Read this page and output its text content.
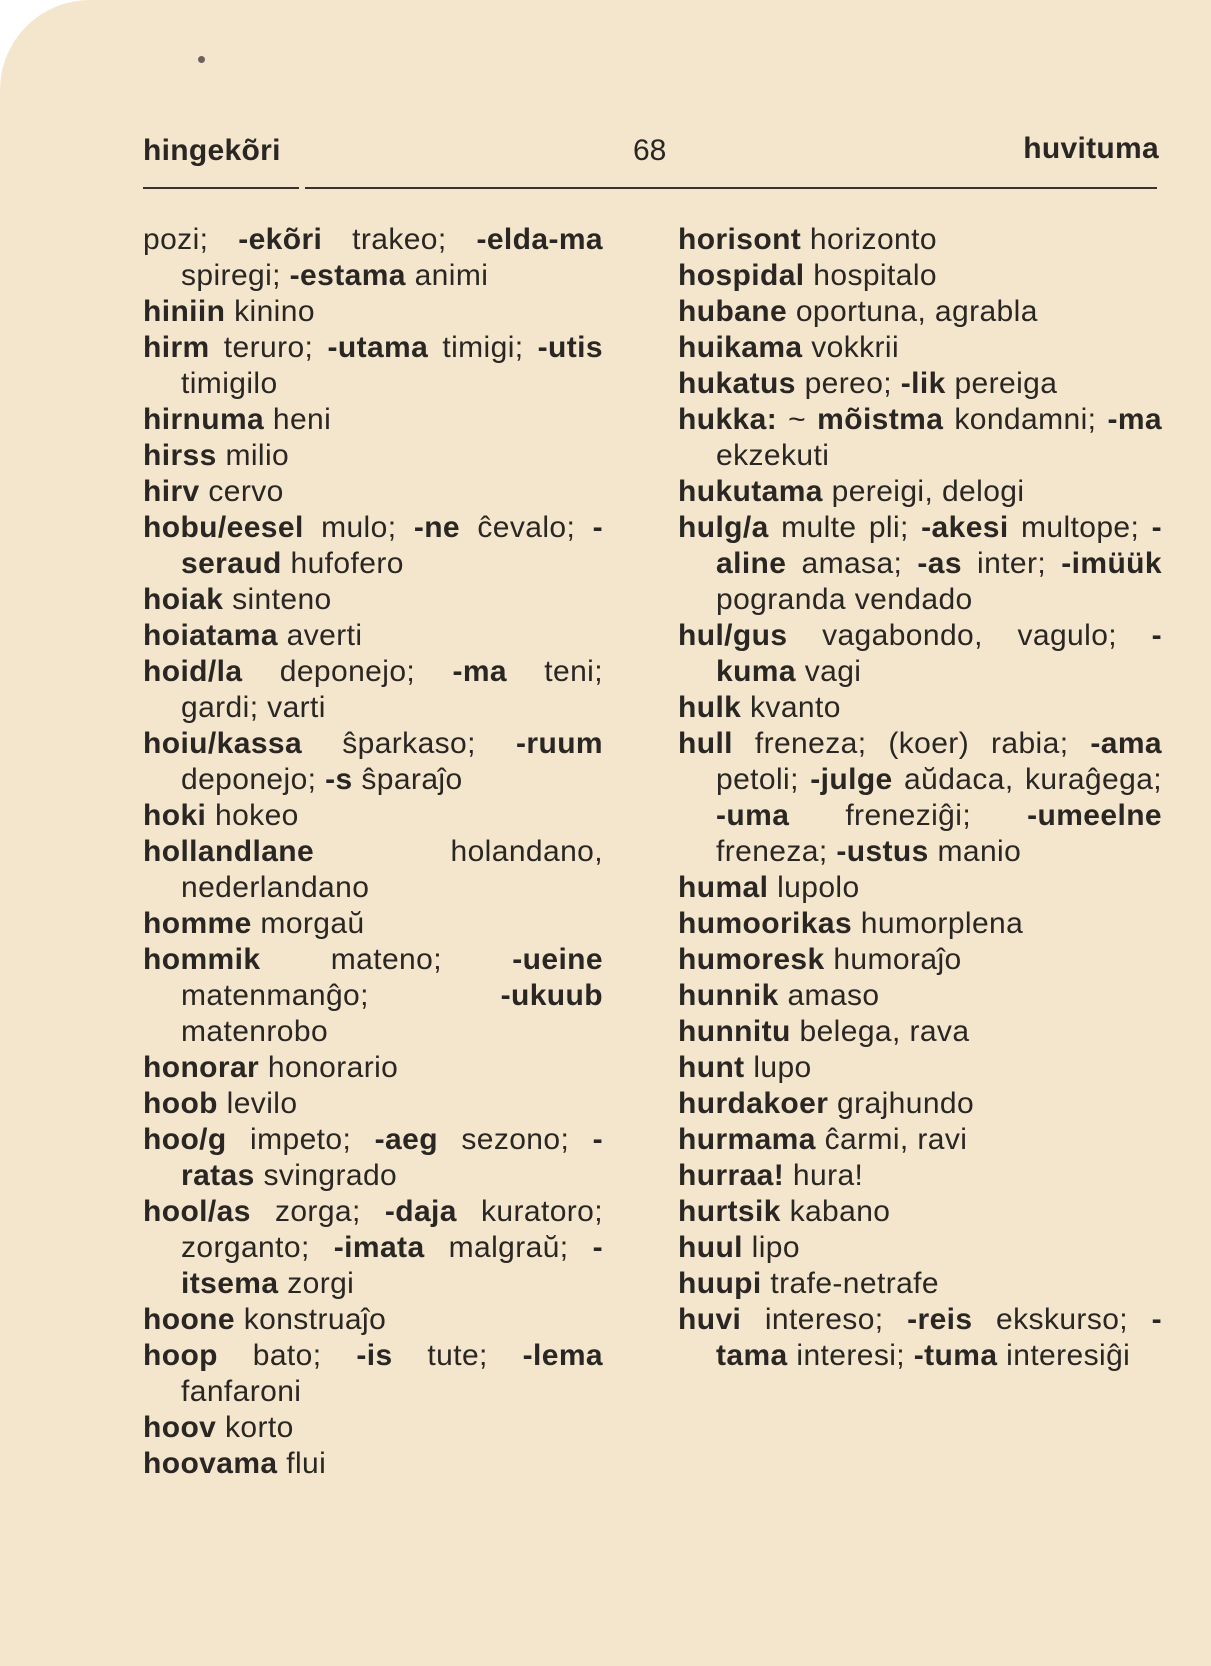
hingekõri	68	huvituma

pozi; -ekõri trakeo; -elda-ma spiregi; -estama animi

hiniin kinino

hirm teruro; -utama timigi; -utis timigilo

hirnuma heni

hirss milio

hirv cervo

hobu/eesel mulo; -ne ĉevalo; -seraud hufofero

hoiak sinteno

hoiatama averti

hoid/la deponejo; -ma teni; gardi; varti

hoiu/kassa ŝparkaso; -ruum deponejo; -s ŝparaĵo

hoki hokeo

hollandlane holandano, nederlandano

homme morgaŭ

hommik mateno; -ueine matenmanĝo; -ukuub matenrobo

honorar honorario

hoob levilo

hoo/g impeto; -aeg sezono; -ratas svingrado

hool/as zorga; -daja kuratoro; zorganto; -imata malgraŭ; -itsema zorgi

hoone konstruaĵo

hoop bato; -is tute; -lema fanfaroni

hoov korto

hoovama flui

horisont horizonto

hospidal hospitalo

hubane oportuna, agrabla

huikama vokkrii

hukatus pereo; -lik pereiga

hukka: ~ mõistma kondamni; -ma ekzekuti

hukutama pereigi, delogi

hulg/a multe pli; -akesi multope; -aline amasa; -as inter; -imüük pogranda vendado

hul/gus vagabondo, vagulo; -kuma vagi

hulk kvanto

hull freneza; (koer) rabia; -ama petoli; -julge aŭdaca, kuraĝega; -uma freneziĝi; -umeelne freneza; -ustus manio

humal lupolo

humoorikas humorplena

humoresk humoraĵo

hunnik amaso

hunnitu belega, rava

hunt lupo

hurdakoer grajhundo

hurmama ĉarmi, ravi

hurraa! hura!

hurtsik kabano

huul lipo

huupi trafe-netrafe

huvi intereso; -reis ekskurso; -tama interesi; -tuma interesiĝi
